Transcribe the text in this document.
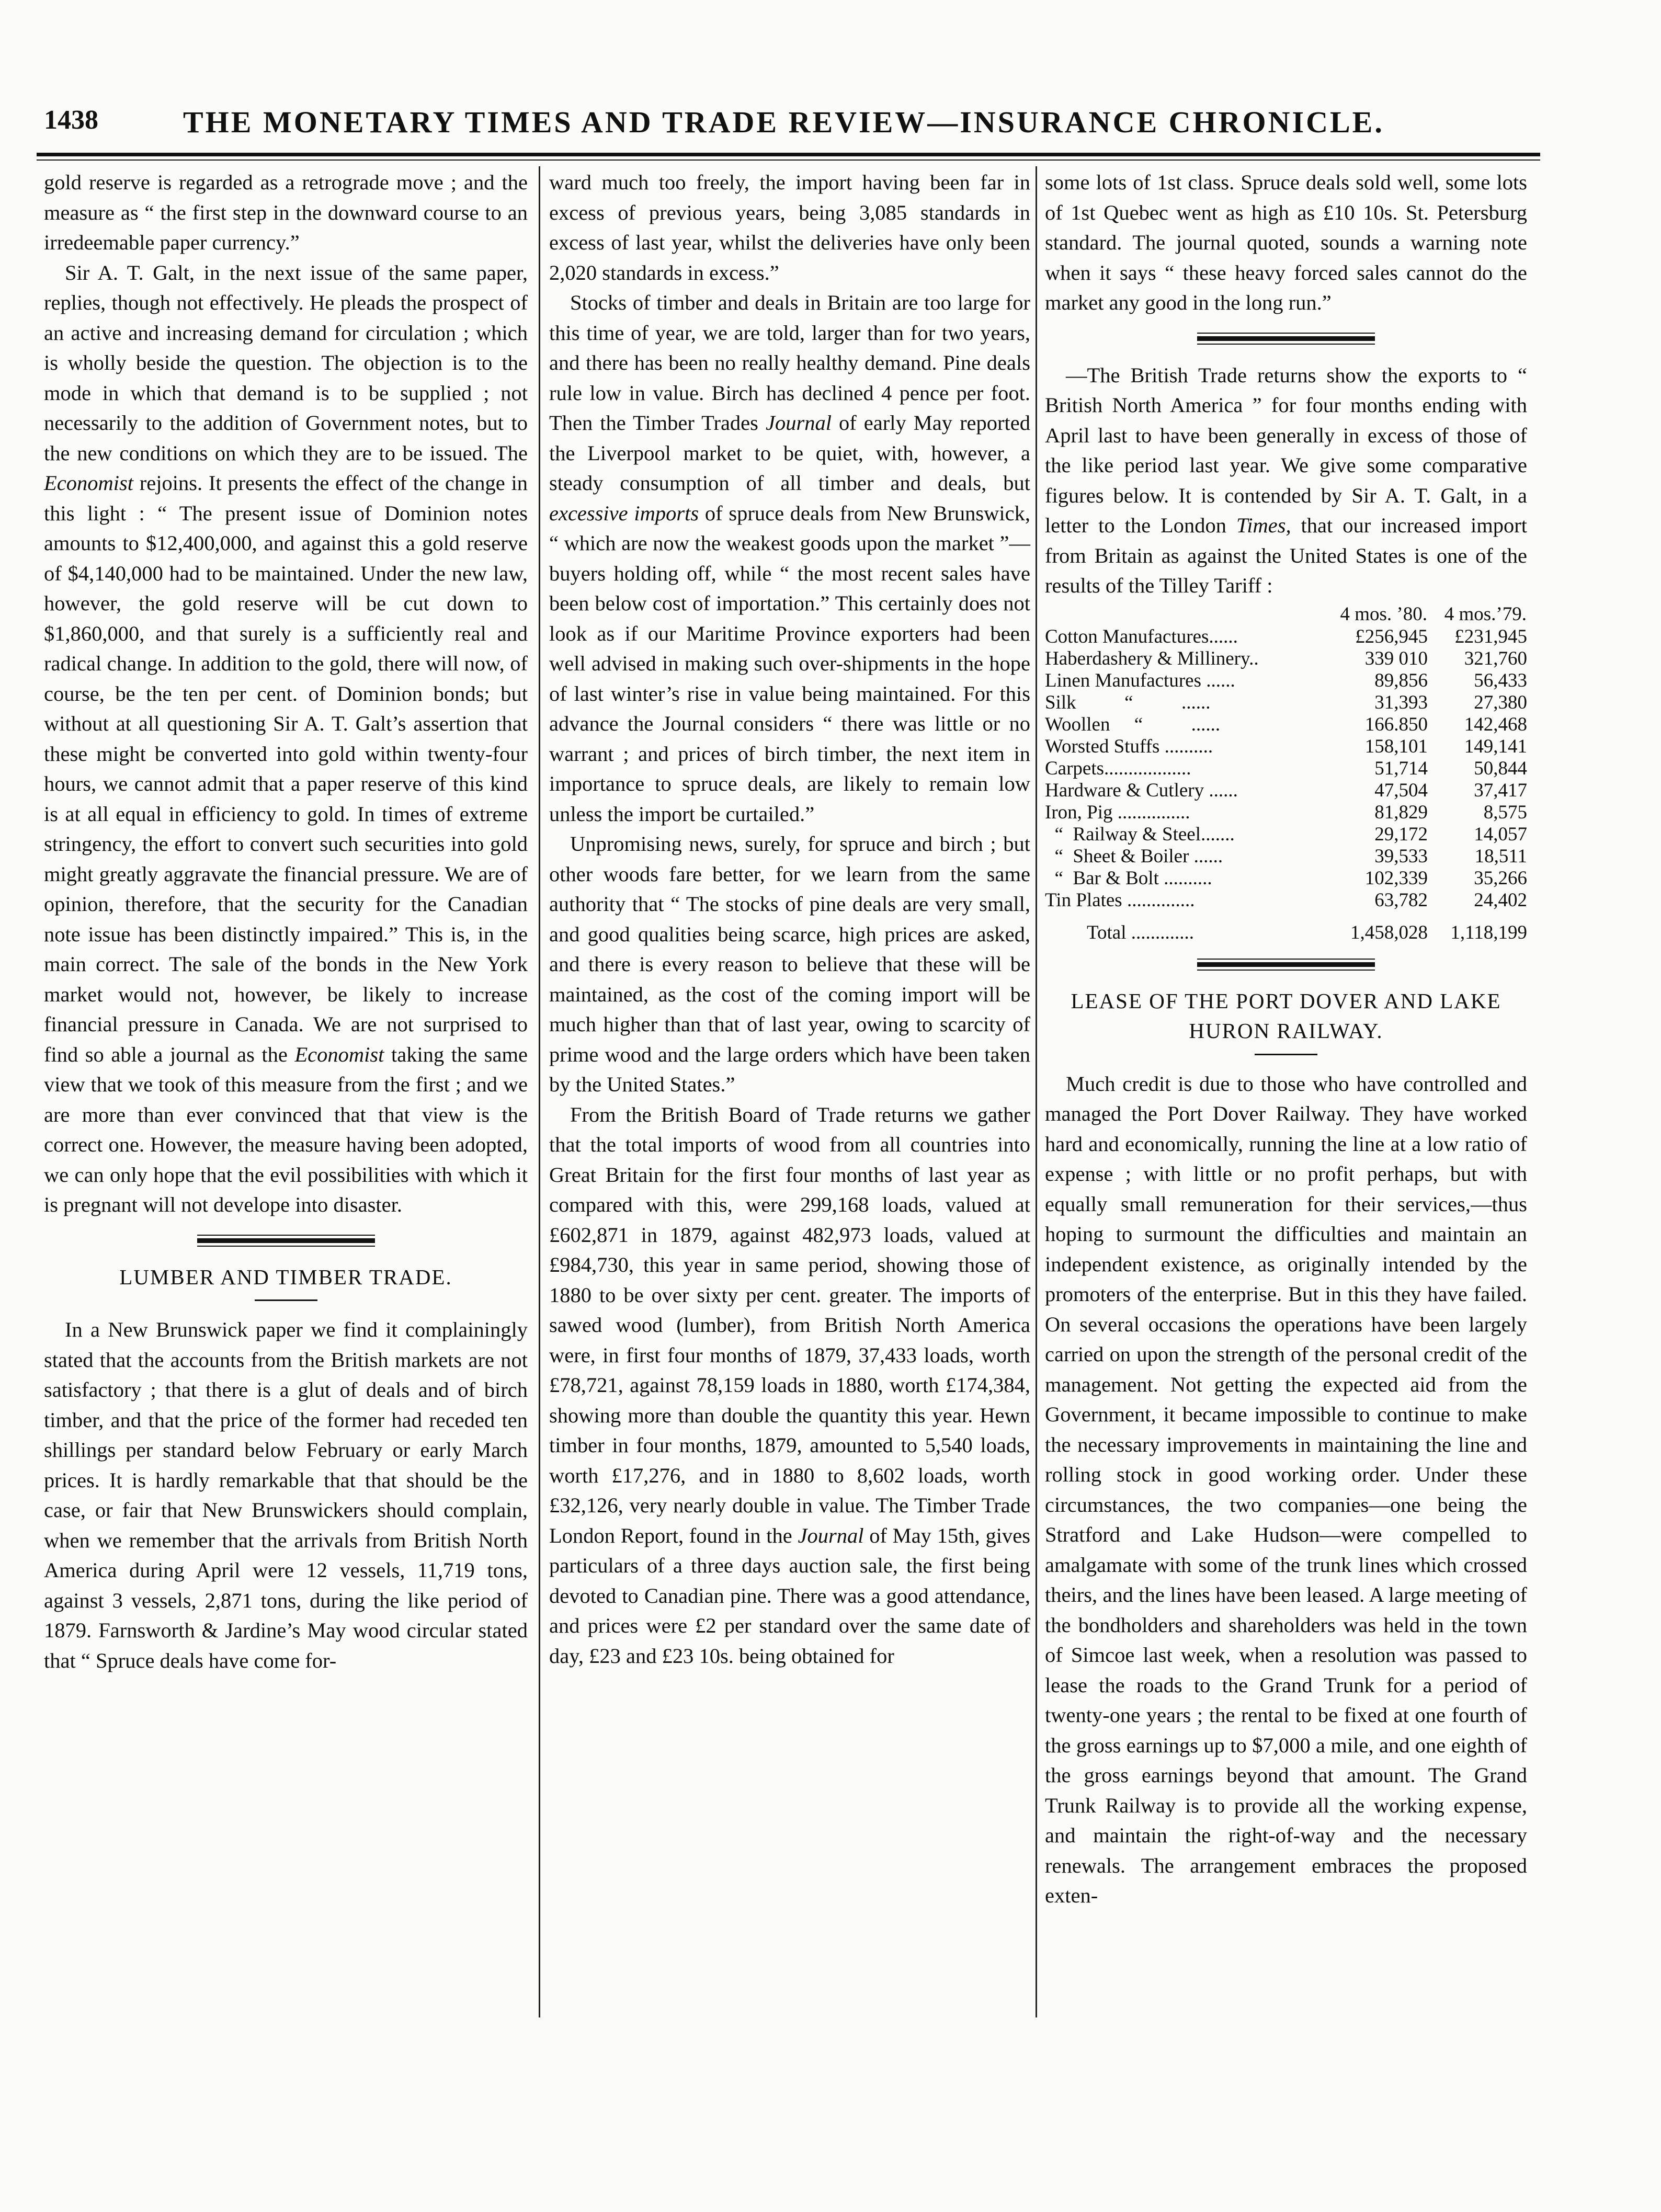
1438	THE MONETARY TIMES AND TRADE REVIEW—INSURANCE CHRONICLE.

gold reserve is regarded as a retrograde move ; and the measure as “ the first step in the downward course to an irredeemable paper currency.”

Sir A. T. Galt, in the next issue of the same paper, replies, though not effectively. He pleads the prospect of an active and increasing demand for circulation ; which is wholly beside the question. The objection is to the mode in which that demand is to be supplied ; not necessarily to the addition of Government notes, but to the new conditions on which they are to be issued. The Economist rejoins. It presents the effect of the change in this light : “ The present issue of Dominion notes amounts to $12,400,000, and against this a gold reserve of $4,140,000 had to be maintained. Under the new law, however, the gold reserve will be cut down to $1,860,000, and that surely is a sufficiently real and radical change. In addition to the gold, there will now, of course, be the ten per cent. of Dominion bonds; but without at all questioning Sir A. T. Galt’s assertion that these might be converted into gold within twenty-four hours, we cannot admit that a paper reserve of this kind is at all equal in efficiency to gold. In times of extreme stringency, the effort to convert such securities into gold might greatly aggravate the financial pressure. We are of opinion, therefore, that the security for the Canadian note issue has been distinctly impaired.” This is, in the main correct. The sale of the bonds in the New York market would not, however, be likely to increase financial pressure in Canada. We are not surprised to find so able a journal as the Economist taking the same view that we took of this measure from the first ; and we are more than ever convinced that that view is the correct one. However, the measure having been adopted, we can only hope that the evil possibilities with which it is pregnant will not develope into disaster.

LUMBER AND TIMBER TRADE.

In a New Brunswick paper we find it complainingly stated that the accounts from the British markets are not satisfactory ; that there is a glut of deals and of birch timber, and that the price of the former had receded ten shillings per standard below February or early March prices. It is hardly remarkable that that should be the case, or fair that New Brunswickers should complain, when we remember that the arrivals from British North America during April were 12 vessels, 11,719 tons, against 3 vessels, 2,871 tons, during the like period of 1879. Farnsworth & Jardine’s May wood circular stated that “ Spruce deals have come for-

ward much too freely, the import having been far in excess of previous years, being 3,085 standards in excess of last year, whilst the deliveries have only been 2,020 standards in excess.”

Stocks of timber and deals in Britain are too large for this time of year, we are told, larger than for two years, and there has been no really healthy demand. Pine deals rule low in value. Birch has declined 4 pence per foot. Then the Timber Trades Journal of early May reported the Liverpool market to be quiet, with, however, a steady consumption of all timber and deals, but excessive imports of spruce deals from New Brunswick, “ which are now the weakest goods upon the market ”—buyers holding off, while “ the most recent sales have been below cost of importation.” This certainly does not look as if our Maritime Province exporters had been well advised in making such over-shipments in the hope of last winter’s rise in value being maintained. For this advance the Journal considers “ there was little or no warrant ; and prices of birch timber, the next item in importance to spruce deals, are likely to remain low unless the import be curtailed.”

Unpromising news, surely, for spruce and birch ; but other woods fare better, for we learn from the same authority that “ The stocks of pine deals are very small, and good qualities being scarce, high prices are asked, and there is every reason to believe that these will be maintained, as the cost of the coming import will be much higher than that of last year, owing to scarcity of prime wood and the large orders which have been taken by the United States.”

From the British Board of Trade returns we gather that the total imports of wood from all countries into Great Britain for the first four months of last year as compared with this, were 299,168 loads, valued at £602,871 in 1879, against 482,973 loads, valued at £984,730, this year in same period, showing those of 1880 to be over sixty per cent. greater. The imports of sawed wood (lumber), from British North America were, in first four months of 1879, 37,433 loads, worth £78,721, against 78,159 loads in 1880, worth £174,384, showing more than double the quantity this year. Hewn timber in four months, 1879, amounted to 5,540 loads, worth £17,276, and in 1880 to 8,602 loads, worth £32,126, very nearly double in value. The Timber Trade London Report, found in the Journal of May 15th, gives particulars of a three days auction sale, the first being devoted to Canadian pine. There was a good attendance, and prices were £2 per standard over the same date of day, £23 and £23 10s. being obtained for

some lots of 1st class. Spruce deals sold well, some lots of 1st Quebec went as high as £10 10s. St. Petersburg standard. The journal quoted, sounds a warning note when it says “ these heavy forced sales cannot do the market any good in the long run.”

—The British Trade returns show the exports to “ British North America ” for four months ending with April last to have been generally in excess of those of the like period last year. We give some comparative figures below. It is contended by Sir A. T. Galt, in a letter to the London Times, that our increased import from Britain as against the United States is one of the results of the Tilley Tariff :

	4 mos. ’80.	4 mos.’79.
Cotton Manufactures......	£256,945	£231,945
Haberdashery & Millinery..	339 010	321,760
Linen Manufactures ......	89,856	56,433
Silk          “          ......	31,393	27,380
Woollen     “          ......	166.850	142,468
Worsted Stuffs ..........	158,101	149,141
Carpets..................	51,714	50,844
Hardware & Cutlery ......	47,504	37,417
Iron, Pig ...............	81,829	8,575
“  Railway & Steel.......	29,172	14,057
“  Sheet & Boiler ......	39,533	18,511
“  Bar & Bolt ..........	102,339	35,266
Tin Plates ..............	63,782	24,402
Total .............	1,458,028	1,118,199

LEASE OF THE PORT DOVER AND LAKE

HURON RAILWAY.

Much credit is due to those who have controlled and managed the Port Dover Railway. They have worked hard and economically, running the line at a low ratio of expense ; with little or no profit perhaps, but with equally small remuneration for their services,—thus hoping to surmount the difficulties and maintain an independent existence, as originally intended by the promoters of the enterprise. But in this they have failed. On several occasions the operations have been largely carried on upon the strength of the personal credit of the management. Not getting the expected aid from the Government, it became impossible to continue to make the necessary improvements in maintaining the line and rolling stock in good working order. Under these circumstances, the two companies—one being the Stratford and Lake Hudson—were compelled to amalgamate with some of the trunk lines which crossed theirs, and the lines have been leased. A large meeting of the bondholders and shareholders was held in the town of Simcoe last week, when a resolution was passed to lease the roads to the Grand Trunk for a period of twenty-one years ; the rental to be fixed at one fourth of the gross earnings up to $7,000 a mile, and one eighth of the gross earnings beyond that amount. The Grand Trunk Railway is to provide all the working expense, and maintain the right-of-way and the necessary renewals. The arrangement embraces the proposed exten-
